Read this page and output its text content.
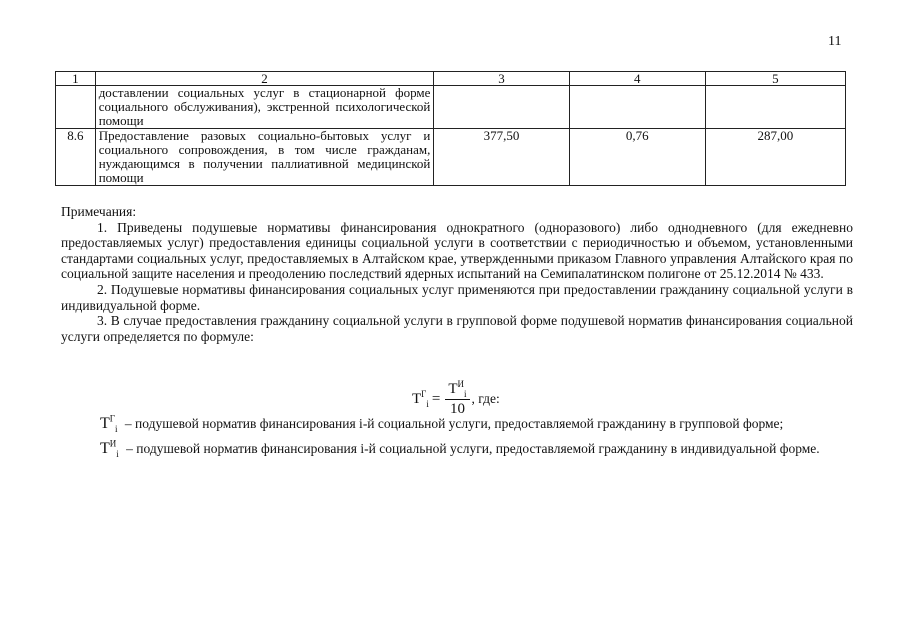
11
1	2	3	4	5

	доставлении социальных услуг в стационарной форме социального обслуживания), экстренной психологической помощи			

8.6	Предоставление разовых социально-бытовых услуг и социального сопровождения, в том числе гражданам, нуждающимся в получении паллиативной медицинской помощи	377,50	0,76	287,00

Примечания:

1. Приведены подушевые нормативы финансирования однократного (одноразового) либо однодневного (для ежедневно предоставляемых услуг) предоставления единицы социальной услуги в соответствии с периодичностью и объемом, установленными стандартами социальных услуг, предоставляемых в Алтайском крае, утвержденными приказом Главного управления Алтайского края по социальной защите населения и преодолению последствий ядерных испытаний на Семипалатинском полигоне от 25.12.2014 № 433.

2. Подушевые нормативы финансирования социальных услуг применяются при предоставлении гражданину социальной услуги в индивидуальной форме.

3. В случае предоставления гражданину социальной услуги в групповой форме подушевой норматив финансирования социальной услуги определяется по формуле:

$T^Г_i = \frac{T^И_i}{10}$ , где:
$T^Г_i$ – подушевой норматив финансирования i-й социальной услуги, предоставляемой гражданину в групповой форме;
$T^И_i$ – подушевой норматив финансирования i-й социальной услуги, предоставляемой гражданину в индивидуальной форме.
